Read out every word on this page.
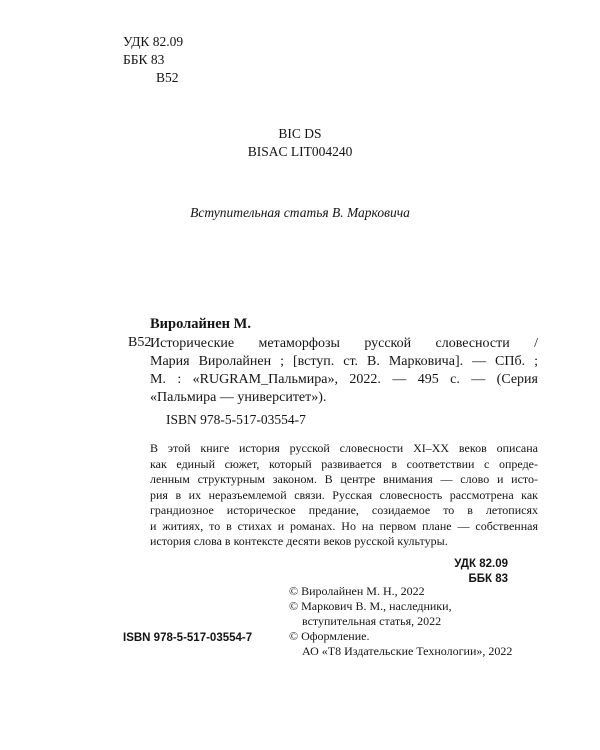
УДК 82.09
ББК 83
В52
BIC DS
BISAC LIT004240
Вступительная статья В. Марковича
Виролайнен М.
В52
Исторические метаморфозы русской словесности /
Мария Виролайнен ; [вступ. ст. В. Марковича]. — СПб. ;
М. : «RUGRAM_Пальмира», 2022. — 495 с. — (Серия
«Пальмира — университет»).
ISBN 978-5-517-03554-7
В этой книге история русской словесности XI–XX веков описана
как единый сюжет, который развивается в соответствии с опреде-
ленным структурным законом. В центре внимания — слово и исто-
рия в их неразъемлемой связи. Русская словесность рассмотрена как
грандиозное историческое предание, созидаемое то в летописях
и житиях, то в стихах и романах. Но на первом плане — собственная
история слова в контексте десяти веков русской культуры.
УДК 82.09
ББК 83
© Виролайнен М. Н., 2022
© Маркович В. М., наследники,
вступительная статья, 2022
© Оформление.
АО «Т8 Издательские Технологии», 2022
ISBN 978-5-517-03554-7
